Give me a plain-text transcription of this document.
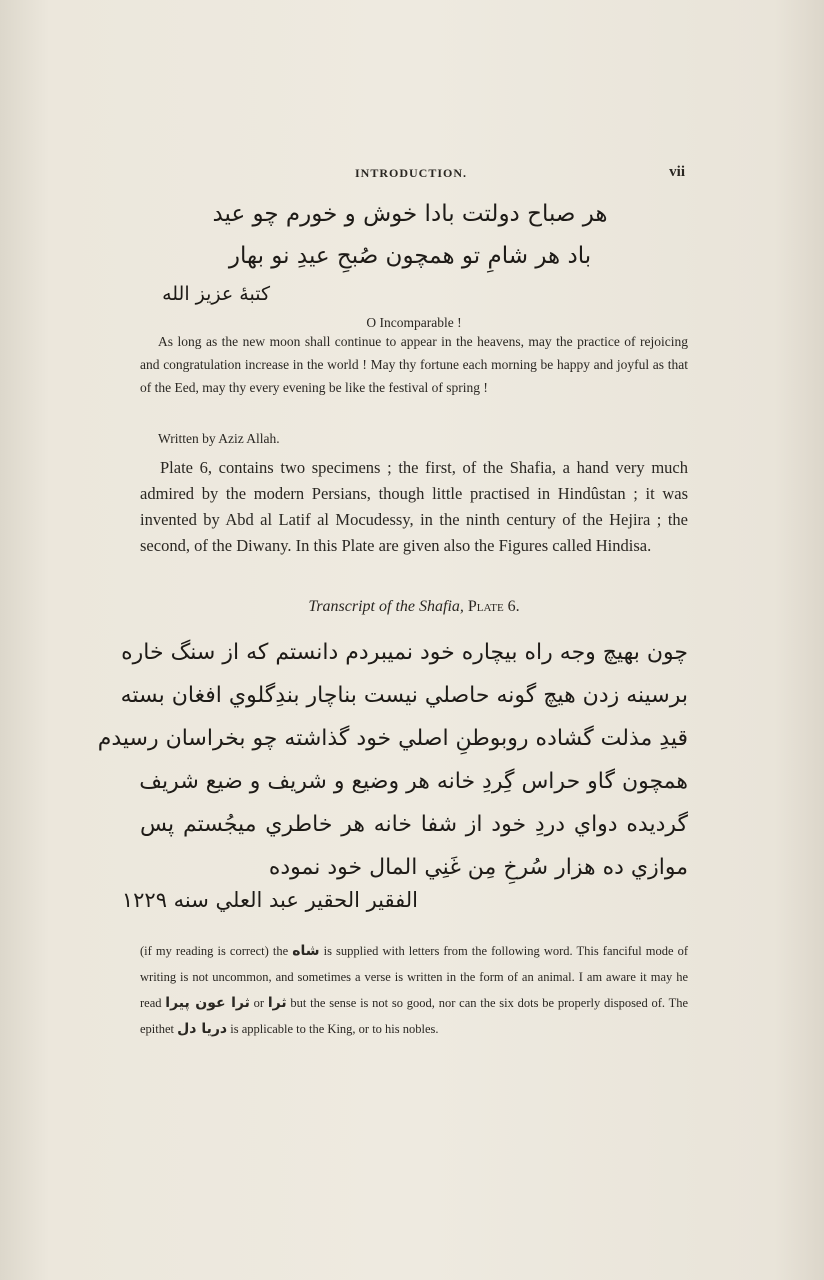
INTRODUCTION.	vii
هر صباح دولتت بادا خوش و خورم چو عید
باد هر شامِ تو همچون صُبحِ عیدِ نو بهار
کتبهٔ عزیز الله
O Incomparable !

As long as the new moon shall continue to appear in the heavens, may the practice of rejoicing and congratulation increase in the world ! May thy fortune each morning be happy and joyful as that of the Eed, may thy every evening be like the festival of spring !

Written by Aziz Allah.

Plate 6, contains two specimens ; the first, of the Shafia, a hand very much admired by the modern Persians, though little practised in Hindûstan ; it was invented by Abd al Latif al Mocudessy, in the ninth century of the Hejira ; the second, of the Diwany. In this Plate are given also the Figures called Hindisa.

Transcript of the Shafia, Plate 6.
چون بهیچ وجه راه بیچاره خود نمیبردم دانستم که از سنگ خاره
برسینه زدن هیچ گونه حاصلي نیست بناچار بندِگلوي افغان بسته
قیدِ مذلت گشاده روبوطنِ اصلي خود گذاشته چو بخراسان رسیدم
همچون گاو حراس گِردِ خانه هر وضیع و شریف و ضیع شریف
گردیده دواي دردِ خود از شفا خانه هر خاطري میجُستم پس
موازي ده هزار سُرخِ مِن غَنِي المال خود نموده
الفقیر الحقیر عبد العلي سنه ١٢٢٩

(if my reading is correct) the شاه is supplied with letters from the following word. This fanciful mode of writing is not uncommon, and sometimes a verse is written in the form of an animal. I am aware it may he read ثرا عون پیرا or ثرا but the sense is not so good, nor can the six dots be properly disposed of. The epithet دریا دل is applicable to the King, or to his nobles.
